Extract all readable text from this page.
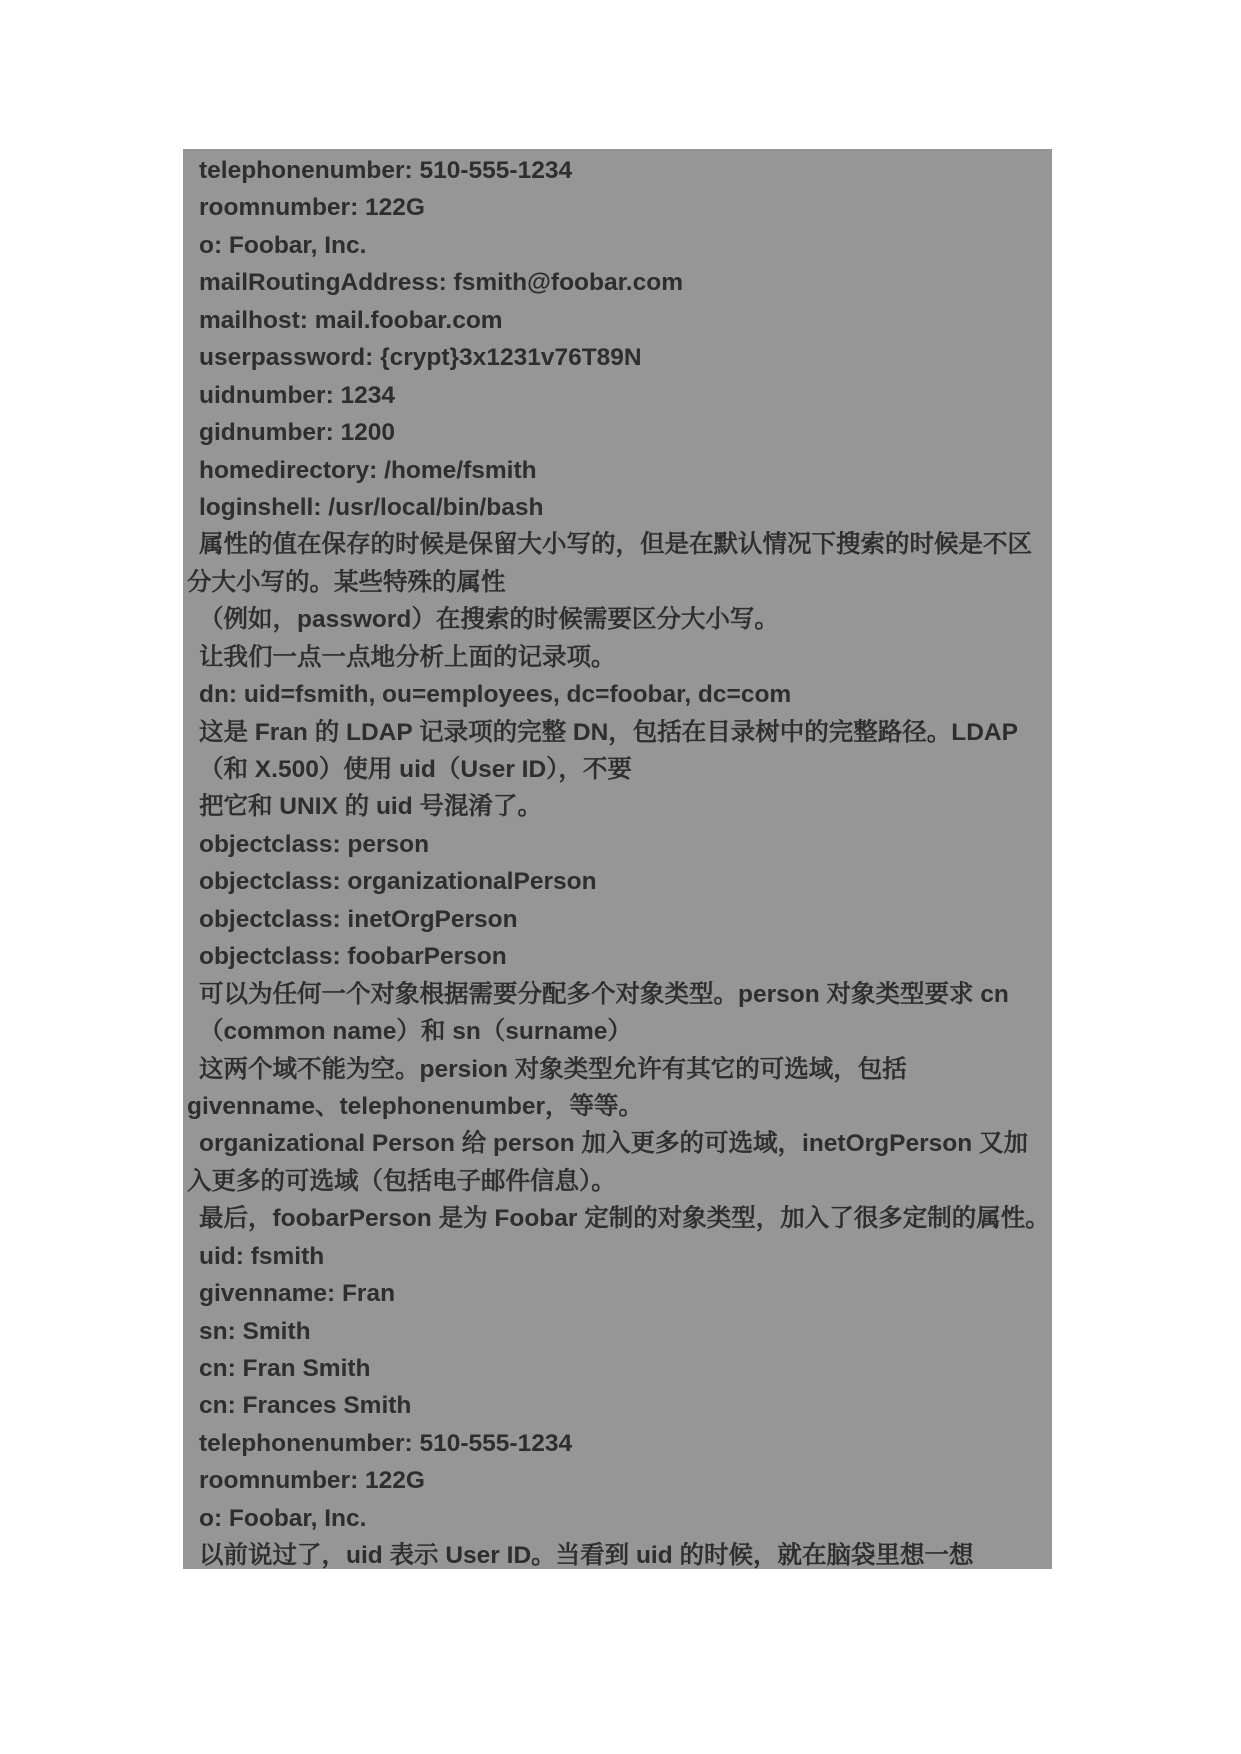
telephonenumber: 510-555-1234
roomnumber: 122G
o: Foobar, Inc.
mailRoutingAddress: fsmith@foobar.com
mailhost: mail.foobar.com
userpassword: {crypt}3x1231v76T89N
uidnumber: 1234
gidnumber: 1200
homedirectory: /home/fsmith
loginshell: /usr/local/bin/bash
属性的值在保存的时候是保留大小写的，但是在默认情况下搜索的时候是不区
分大小写的。某些特殊的属性
（例如，password）在搜索的时候需要区分大小写。
让我们一点一点地分析上面的记录项。
dn: uid=fsmith, ou=employees, dc=foobar, dc=com
这是 Fran 的 LDAP 记录项的完整 DN，包括在目录树中的完整路径。LDAP
（和 X.500）使用 uid（User ID），不要
把它和 UNIX 的 uid 号混淆了。
objectclass: person
objectclass: organizationalPerson
objectclass: inetOrgPerson
objectclass: foobarPerson
可以为任何一个对象根据需要分配多个对象类型。person 对象类型要求 cn
（common name）和 sn（surname）
这两个域不能为空。persion 对象类型允许有其它的可选域，包括
givenname、telephonenumber，等等。
organizational Person 给 person 加入更多的可选域，inetOrgPerson 又加
入更多的可选域（包括电子邮件信息）。
最后，foobarPerson 是为 Foobar 定制的对象类型，加入了很多定制的属性。
uid: fsmith
givenname: Fran
sn: Smith
cn: Fran Smith
cn: Frances Smith
telephonenumber: 510-555-1234
roomnumber: 122G
o: Foobar, Inc.
以前说过了，uid 表示 User ID。当看到 uid 的时候，就在脑袋里想一想
